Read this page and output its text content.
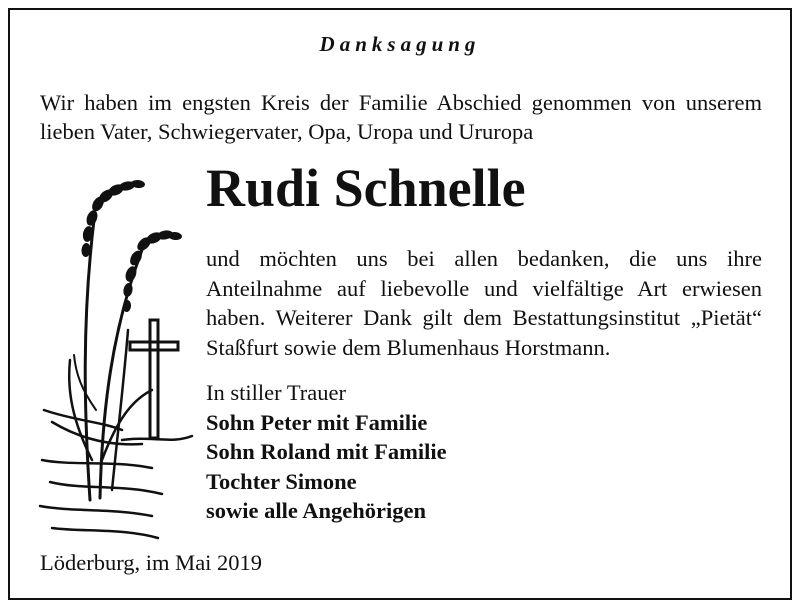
Danksagung
Wir haben im engsten Kreis der Familie Abschied genommen von unserem lieben Vater, Schwiegervater, Opa, Uropa und Ururopa
Rudi Schnelle
und möchten uns bei allen bedanken, die uns ihre Anteilnahme auf liebevolle und vielfältige Art erwiesen haben. Weiterer Dank gilt dem Bestattungsinstitut „Pietät“ Staßfurt sowie dem Blumenhaus Horstmann.
In stiller Trauer
Sohn Peter mit Familie
Sohn Roland mit Familie
Tochter Simone
sowie alle Angehörigen
Löderburg, im Mai 2019
